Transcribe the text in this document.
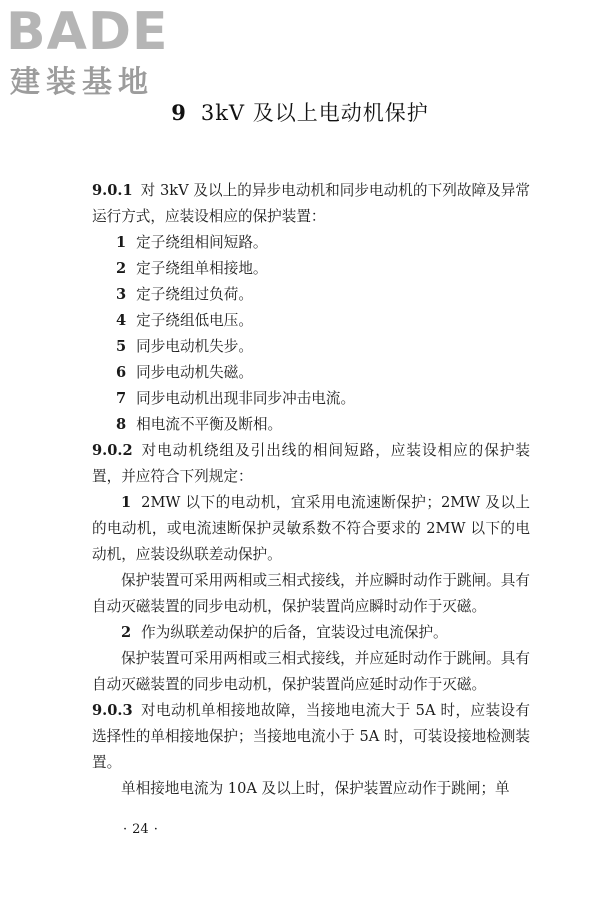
BADE
建装基地
9 3kV 及以上电动机保护

9.0.1 对 3kV 及以上的异步电动机和同步电动机的下列故障及异常运行方式，应装设相应的保护装置：

1 定子绕组相间短路。

2 定子绕组单相接地。

3 定子绕组过负荷。

4 定子绕组低电压。

5 同步电动机失步。

6 同步电动机失磁。

7 同步电动机出现非同步冲击电流。

8 相电流不平衡及断相。

9.0.2 对电动机绕组及引出线的相间短路，应装设相应的保护装置，并应符合下列规定：

1 2MW 以下的电动机，宜采用电流速断保护；2MW 及以上的电动机，或电流速断保护灵敏系数不符合要求的 2MW 以下的电动机，应装设纵联差动保护。

保护装置可采用两相或三相式接线，并应瞬时动作于跳闸。具有自动灭磁装置的同步电动机，保护装置尚应瞬时动作于灭磁。

2 作为纵联差动保护的后备，宜装设过电流保护。

保护装置可采用两相或三相式接线，并应延时动作于跳闸。具有自动灭磁装置的同步电动机，保护装置尚应延时动作于灭磁。

9.0.3 对电动机单相接地故障，当接地电流大于 5A 时，应装设有选择性的单相接地保护；当接地电流小于 5A 时，可装设接地检测装置。

单相接地电流为 10A 及以上时，保护装置应动作于跳闸；单

· 24 ·
